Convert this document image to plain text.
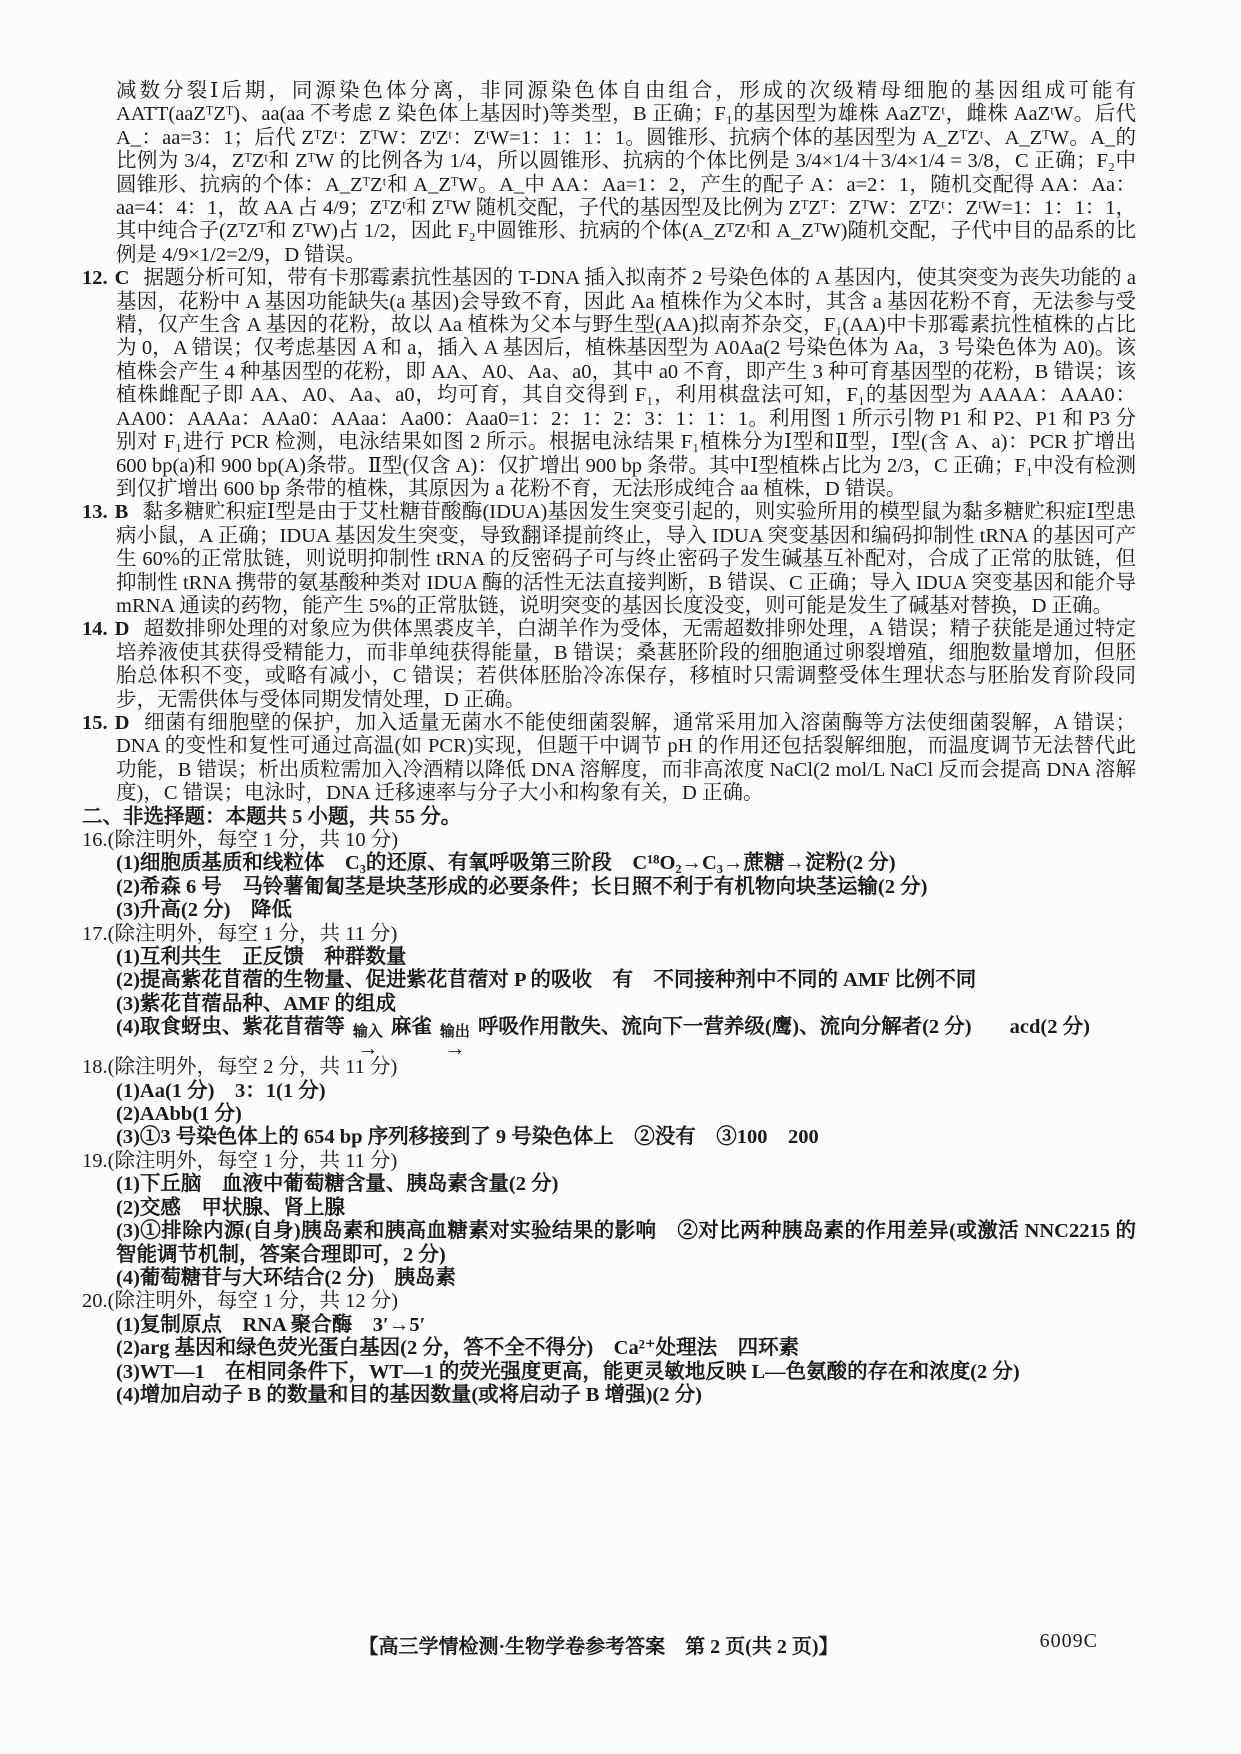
减数分裂Ⅰ后期，同源染色体分离，非同源染色体自由组合，形成的次级精母细胞的基因组成可能有 AATT(aaZᵀZᵀ)、aa(aa 不考虑 Z 染色体上基因时)等类型，B 正确；F₁的基因型为雄株 AaZᵀZᵗ，雌株 AaZᵗW。后代 A_：aa=3：1；后代 ZᵀZᵗ：ZᵀW：ZᵗZᵗ：ZᵗW=1：1：1：1。圆锥形、抗病个体的基因型为 A_ZᵀZᵗ、A_ZᵀW。A_的比例为 3/4，ZᵀZᵗ和 ZᵀW 的比例各为 1/4，所以圆锥形、抗病的个体比例是 3/4×1/4＋3/4×1/4 = 3/8，C 正确；F₂中圆锥形、抗病的个体：A_ZᵀZᵗ和 A_ZᵀW。A_中 AA：Aa=1：2，产生的配子 A：a=2：1，随机交配得 AA：Aa：aa=4：4：1，故 AA 占 4/9；ZᵀZᵗ和 ZᵀW 随机交配，子代的基因型及比例为 ZᵀZᵀ：ZᵀW：ZᵀZᵗ：ZᵗW=1：1：1：1，其中纯合子(ZᵀZᵀ和 ZᵀW)占 1/2，因此 F₂中圆锥形、抗病的个体(A_ZᵀZᵗ和 A_ZᵀW)随机交配，子代中目的品系的比例是 4/9×1/2=2/9，D 错误。

12. C 据题分析可知，带有卡那霉素抗性基因的 T-DNA 插入拟南芥 2 号染色体的 A 基因内，使其突变为丧失功能的 a 基因，花粉中 A 基因功能缺失(a 基因)会导致不育，因此 Aa 植株作为父本时，其含 a 基因花粉不育，无法参与受精，仅产生含 A 基因的花粉，故以 Aa 植株为父本与野生型(AA)拟南芥杂交，F₁(AA)中卡那霉素抗性植株的占比为 0，A 错误；仅考虑基因 A 和 a，插入 A 基因后，植株基因型为 A0Aa(2 号染色体为 Aa，3 号染色体为 A0)。该植株会产生 4 种基因型的花粉，即 AA、A0、Aa、a0，其中 a0 不育，即产生 3 种可育基因型的花粉，B 错误；该植株雌配子即 AA、A0、Aa、a0，均可育，其自交得到 F₁，利用棋盘法可知，F₁的基因型为 AAAA：AAA0：AA00：AAAa：AAa0：AAaa：Aa00：Aaa0=1：2：1：2：3：1：1：1。利用图 1 所示引物 P1 和 P2、P1 和 P3 分别对 F₁进行 PCR 检测，电泳结果如图 2 所示。根据电泳结果 F₁植株分为Ⅰ型和Ⅱ型，Ⅰ型(含 A、a)：PCR 扩增出 600 bp(a)和 900 bp(A)条带。Ⅱ型(仅含 A)：仅扩增出 900 bp 条带。其中Ⅰ型植株占比为 2/3，C 正确；F₁中没有检测到仅扩增出 600 bp 条带的植株，其原因为 a 花粉不育，无法形成纯合 aa 植株，D 错误。

13. B 黏多糖贮积症Ⅰ型是由于艾杜糖苷酸酶(IDUA)基因发生突变引起的，则实验所用的模型鼠为黏多糖贮积症Ⅰ型患病小鼠，A 正确；IDUA 基因发生突变，导致翻译提前终止，导入 IDUA 突变基因和编码抑制性 tRNA 的基因可产生 60%的正常肽链，则说明抑制性 tRNA 的反密码子可与终止密码子发生碱基互补配对，合成了正常的肽链，但抑制性 tRNA 携带的氨基酸种类对 IDUA 酶的活性无法直接判断，B 错误、C 正确；导入 IDUA 突变基因和能介导 mRNA 通读的药物，能产生 5%的正常肽链，说明突变的基因长度没变，则可能是发生了碱基对替换，D 正确。

14. D 超数排卵处理的对象应为供体黑裘皮羊，白湖羊作为受体，无需超数排卵处理，A 错误；精子获能是通过特定培养液使其获得受精能力，而非单纯获得能量，B 错误；桑葚胚阶段的细胞通过卵裂增殖，细胞数量增加，但胚胎总体积不变，或略有减小，C 错误；若供体胚胎冷冻保存，移植时只需调整受体生理状态与胚胎发育阶段同步，无需供体与受体同期发情处理，D 正确。

15. D 细菌有细胞壁的保护，加入适量无菌水不能使细菌裂解，通常采用加入溶菌酶等方法使细菌裂解，A 错误；DNA 的变性和复性可通过高温(如 PCR)实现，但题干中调节 pH 的作用还包括裂解细胞，而温度调节无法替代此功能，B 错误；析出质粒需加入冷酒精以降低 DNA 溶解度，而非高浓度 NaCl(2 mol/L NaCl 反而会提高 DNA 溶解度)，C 错误；电泳时，DNA 迁移速率与分子大小和构象有关，D 正确。

二、非选择题：本题共 5 小题，共 55 分。

16.(除注明外，每空 1 分，共 10 分)

(1)细胞质基质和线粒体　C₃的还原、有氧呼吸第三阶段　C¹⁸O₂→C₃→蔗糖→淀粉(2 分)

(2)希森 6 号　马铃薯匍匐茎是块茎形成的必要条件；长日照不利于有机物向块茎运输(2 分)

(3)升高(2 分)　降低

17.(除注明外，每空 1 分，共 11 分)

(1)互利共生　正反馈　种群数量

(2)提高紫花苜蓿的生物量、促进紫花苜蓿对 P 的吸收　有　不同接种剂中不同的 AMF 比例不同

(3)紫花苜蓿品种、AMF 的组成

(4)取食蚜虫、紫花苜蓿等 输入
→
麻雀 输出
→
呼吸作用散失、流向下一营养级(鹰)、流向分解者(2 分) acd(2 分)

18.(除注明外，每空 2 分，共 11 分)

(1)Aa(1 分)　3：1(1 分)

(2)AAbb(1 分)

(3)①3 号染色体上的 654 bp 序列移接到了 9 号染色体上　②没有　③100　200

19.(除注明外，每空 1 分，共 11 分)

(1)下丘脑　血液中葡萄糖含量、胰岛素含量(2 分)

(2)交感　甲状腺、肾上腺

(3)①排除内源(自身)胰岛素和胰高血糖素对实验结果的影响　②对比两种胰岛素的作用差异(或激活 NNC2215 的智能调节机制，答案合理即可，2 分)

(4)葡萄糖苷与大环结合(2 分)　胰岛素

20.(除注明外，每空 1 分，共 12 分)

(1)复制原点　RNA 聚合酶　3′→5′

(2)arg 基因和绿色荧光蛋白基因(2 分，答不全不得分)　Ca²⁺处理法　四环素

(3)WT—1　在相同条件下，WT—1 的荧光强度更高，能更灵敏地反映 L—色氨酸的存在和浓度(2 分)

(4)增加启动子 B 的数量和目的基因数量(或将启动子 B 增强)(2 分)

【高三学情检测·生物学卷参考答案　第 2 页(共 2 页)】	6009C
